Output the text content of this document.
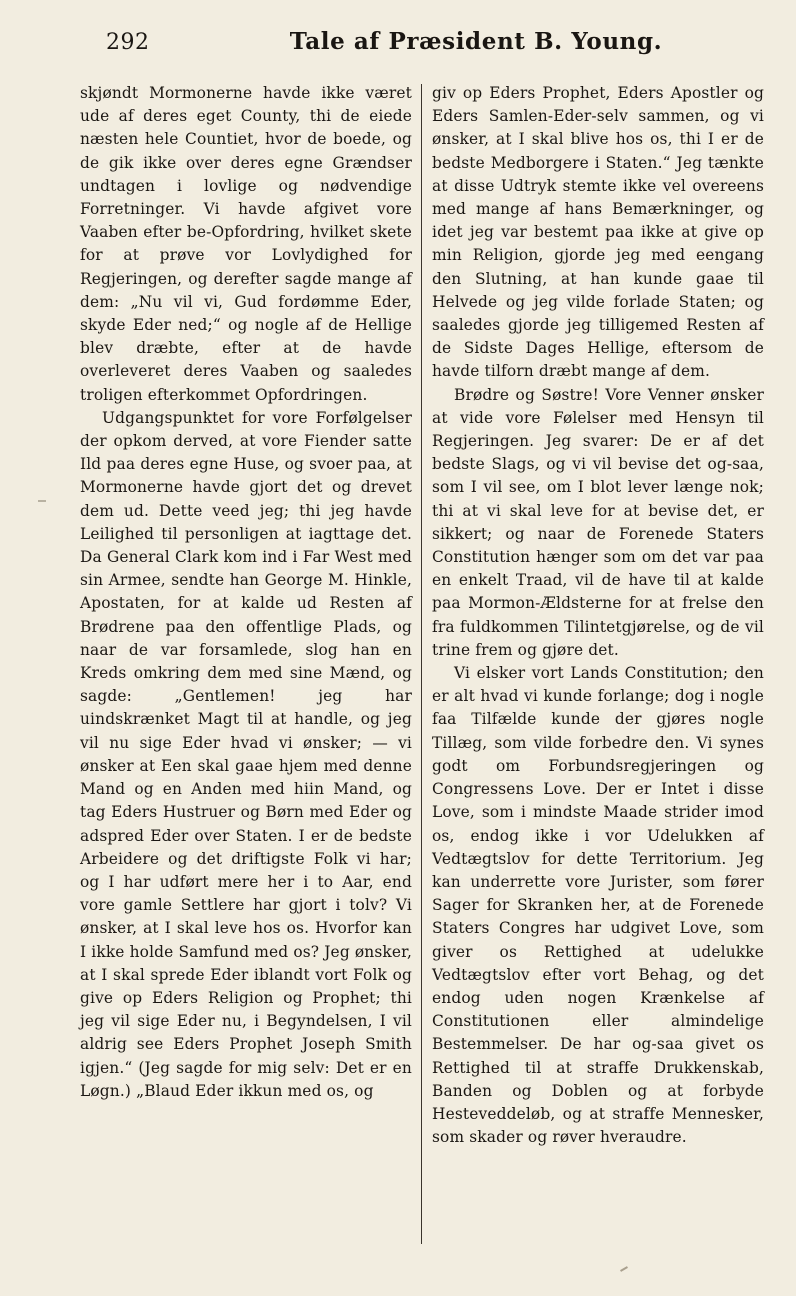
292	Tale af Præsident B. Young.

skjøndt Mormonerne havde ikke været ude af deres eget County, thi de eiede næsten hele Countiet, hvor de boede, og de gik ikke over deres egne Grændser undtagen i lovlige og nødvendige Forretninger. Vi havde afgivet vore Vaaben efter be-Opfordring, hvilket skete for at prøve vor Lovlydighed for Regjeringen, og derefter sagde mange af dem: „Nu vil vi, Gud fordømme Eder, skyde Eder ned;“ og nogle af de Hellige blev dræbte, efter at de havde overleveret deres Vaaben og saaledes troligen efterkommet Opfordringen.

Udgangspunktet for vore Forfølgelser der opkom derved, at vore Fiender satte Ild paa deres egne Huse, og svoer paa, at Mormonerne havde gjort det og drevet dem ud. Dette veed jeg; thi jeg havde Leilighed til personligen at iagttage det. Da General Clark kom ind i Far West med sin Armee, sendte han George M. Hinkle, Apostaten, for at kalde ud Resten af Brødrene paa den offentlige Plads, og naar de var forsamlede, slog han en Kreds omkring dem med sine Mænd, og sagde: „Gentlemen! jeg har uindskrænket Magt til at handle, og jeg vil nu sige Eder hvad vi ønsker; — vi ønsker at Een skal gaae hjem med denne Mand og en Anden med hiin Mand, og tag Eders Hustruer og Børn med Eder og adspred Eder over Staten. I er de bedste Arbeidere og det driftigste Folk vi har; og I har udført mere her i to Aar, end vore gamle Settlere har gjort i tolv? Vi ønsker, at I skal leve hos os. Hvorfor kan I ikke holde Samfund med os? Jeg ønsker, at I skal sprede Eder iblandt vort Folk og give op Eders Religion og Prophet; thi jeg vil sige Eder nu, i Begyndelsen, I vil aldrig see Eders Prophet Joseph Smith igjen.“ (Jeg sagde for mig selv: Det er en Løgn.) „Blaud Eder ikkun med os, og

giv op Eders Prophet, Eders Apostler og Eders Samlen-Eder-selv sammen, og vi ønsker, at I skal blive hos os, thi I er de bedste Medborgere i Staten.“ Jeg tænkte at disse Udtryk stemte ikke vel overeens med mange af hans Bemærkninger, og idet jeg var bestemt paa ikke at give op min Religion, gjorde jeg med eengang den Slutning, at han kunde gaae til Helvede og jeg vilde forlade Staten; og saaledes gjorde jeg tilligemed Resten af de Sidste Dages Hellige, eftersom de havde tilforn dræbt mange af dem.

Brødre og Søstre! Vore Venner ønsker at vide vore Følelser med Hensyn til Regjeringen. Jeg svarer: De er af det bedste Slags, og vi vil bevise det og-saa, som I vil see, om I blot lever længe nok; thi at vi skal leve for at bevise det, er sikkert; og naar de Forenede Staters Constitution hænger som om det var paa en enkelt Traad, vil de have til at kalde paa Mormon-Ældsterne for at frelse den fra fuldkommen Tilintetgjørelse, og de vil trine frem og gjøre det.

Vi elsker vort Lands Constitution; den er alt hvad vi kunde forlange; dog i nogle faa Tilfælde kunde der gjøres nogle Tillæg, som vilde forbedre den. Vi synes godt om Forbundsregjeringen og Congressens Love. Der er Intet i disse Love, som i mindste Maade strider imod os, endog ikke i vor Udelukken af Vedtægtslov for dette Territorium. Jeg kan underrette vore Jurister, som fører Sager for Skranken her, at de Forenede Staters Congres har udgivet Love, som giver os Rettighed at udelukke Vedtægtslov efter vort Behag, og det endog uden nogen Krænkelse af Constitutionen eller almindelige Bestemmelser. De har og-saa givet os Rettighed til at straffe Drukkenskab, Banden og Doblen og at forbyde Hesteveddeløb, og at straffe Mennesker, som skader og røver hveraudre.
